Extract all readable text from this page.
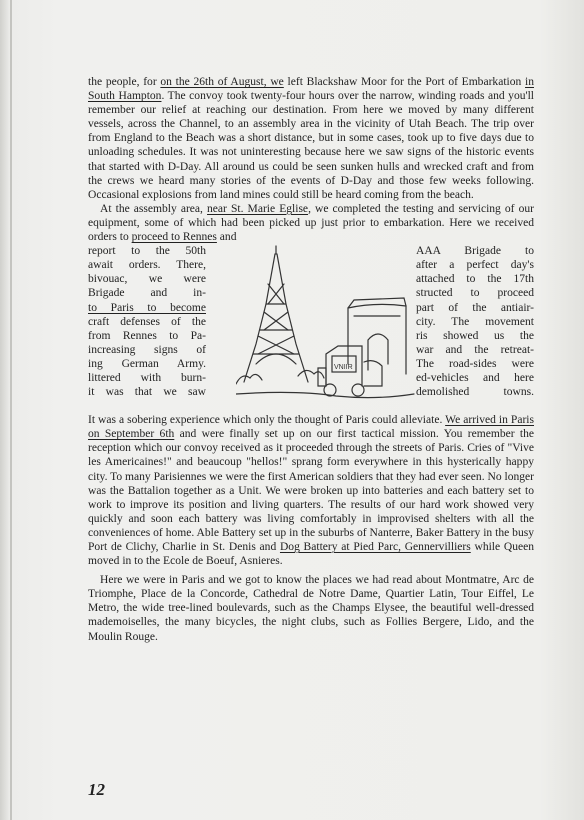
the people, for on the 26th of August, we left Blackshaw Moor for the Port of Embarkation in South Hampton. The convoy took twenty-four hours over the narrow, winding roads and you'll remember our relief at reaching our destination. From here we moved by many different vessels, across the Channel, to an assembly area in the vicinity of Utah Beach. The trip over from England to the Beach was a short distance, but in some cases, took up to five days due to unloading schedules. It was not uninteresting because here we saw signs of the historic events that started with D-Day. All around us could be seen sunken hulls and wrecked craft and from the crews we heard many stories of the events of D-Day and those few weeks following. Occasional explosions from land mines could still be heard coming from the beach.

At the assembly area, near St. Marie Eglise, we completed the testing and servicing of our equipment, some of which had been picked up just prior to embarkation. Here we received orders to proceed to Rennes and

report to the 50th
await orders. There,
bivouac, we were
Brigade and in-
to Paris to become
craft defenses of the
from Rennes to Pa-
increasing signs of
ing German Army.
littered with burn-
it was that we saw
VNIIR
AAA Brigade to
after a perfect day's
attached to the 17th
structed to proceed
part of the antiair-
city. The movement
ris showed us the
war and the retreat-
The road-sides were
ed-vehicles and here
demolished towns.

It was a sobering experience which only the thought of Paris could alleviate. We arrived in Paris on September 6th and were finally set up on our first tactical mission. You remember the reception which our convoy received as it proceeded through the streets of Paris. Cries of "Vive les Americaines!" and beaucoup "hellos!" sprang form everywhere in this hysterically happy city. To many Parisiennes we were the first American soldiers that they had ever seen. No longer was the Battalion together as a Unit. We were broken up into batteries and each battery set to work to improve its position and living quarters. The results of our hard work showed very quickly and soon each battery was living comfortably in improvised shelters with all the conveniences of home. Able Battery set up in the suburbs of Nanterre, Baker Battery in the busy Port de Clichy, Charlie in St. Denis and Dog Battery at Pied Parc, Gennervilliers while Queen moved in to the Ecole de Boeuf, Asnieres.

Here we were in Paris and we got to know the places we had read about Montmatre, Arc de Triomphe, Place de la Concorde, Cathedral de Notre Dame, Quartier Latin, Tour Eiffel, Le Metro, the wide tree-lined boulevards, such as the Champs Elysee, the beautiful well-dressed mademoiselles, the many bicycles, the night clubs, such as Follies Bergere, Lido, and the Moulin Rouge.

12
